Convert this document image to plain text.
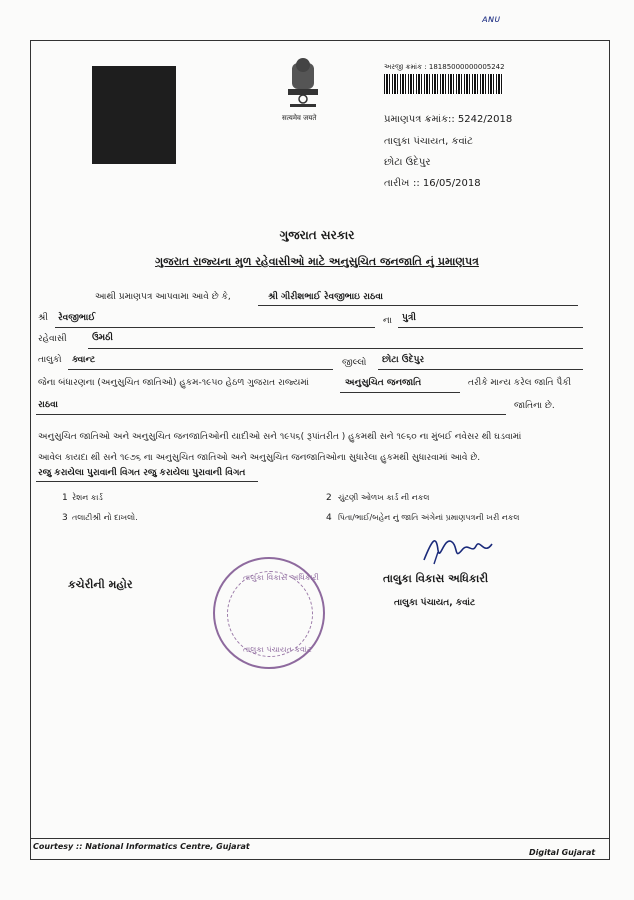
ᴀɴᴜ
सत्यमेव जयते
અરજી ક્રમાંક : 18185000000005242
પ્રમાણપત્ર ક્રમાંક :: 5242/2018
તાલુકા પંચાયત, કવાંટ
છોટા ઉદેપુર
તારીખ :: 16/05/2018
ગુજરાત સરકાર
ગુજરાત રાજ્યના મુળ રહેવાસીઓ માટે અનુસુચિત જનજાતિ નું પ્રમાણપત્ર
આથી પ્રમાણપત્ર આપવામા આવે છે કે,	શ્રી ગીરીશભાઈ રેવજીભાઇ રાઠવા
શ્રી રેવજીભાઈ	ના પુત્રી
રહેવાસી	ઉમઠી
તાલુકો ક્વાન્ટ	જીલ્લો છોટા ઉદેપુર
જેના બંધારણના (અનુસુચિત જાતિઓ) હુકમ-૧૯૫૦ હેઠળ ગુજરાત રાજ્યમાં	અનુસુચિત જનજાતિ	તરીકે માન્ય કરેલ જાતિ પૈકી
રાઠવા	જાતિના છે.
અનુસુચિત જાતિઓ અને અનુસુચિત જનજાતિઓની યાદીઓ સને ૧૯૫૬( રૂપાંતરીત ) હુકમથી સને ૧૯૬૦ ના મુંબઈ નવેસર થી ઘડવામાં
આવેલ કાયદા થી સને ૧૯૭૬ ના અનુસુચિત જાતિઓ અને અનુસુચિત જનજાતિઓના સુધારેલા હુકમથી સુધારવામાં આવે છે.
રજુ કરાયેલા પુરાવાની વિગત રજુ કરાયેલા પુરાવાની વિગત
1 રેશન કાર્ડ	2 ચુંટણી ઓળખ કાર્ડ ની નકલ
3 તલાટીશ્રી નો દાખલો.	4 પિતા/ભાઈ/બહેન નું જાતિ અંગેનાં પ્રમાણપત્રની ખરી નકલ
કચેરીની મહોર	તાલુકા વિકાસ અધિકારી
તાલુકા પંચાયત, કવાંટ
તાલુકા વિકાસ અધિકારી
તાલુકા પંચાયત કવાંટ
Courtesy :: National Informatics Centre, Gujarat
Digital Gujarat
